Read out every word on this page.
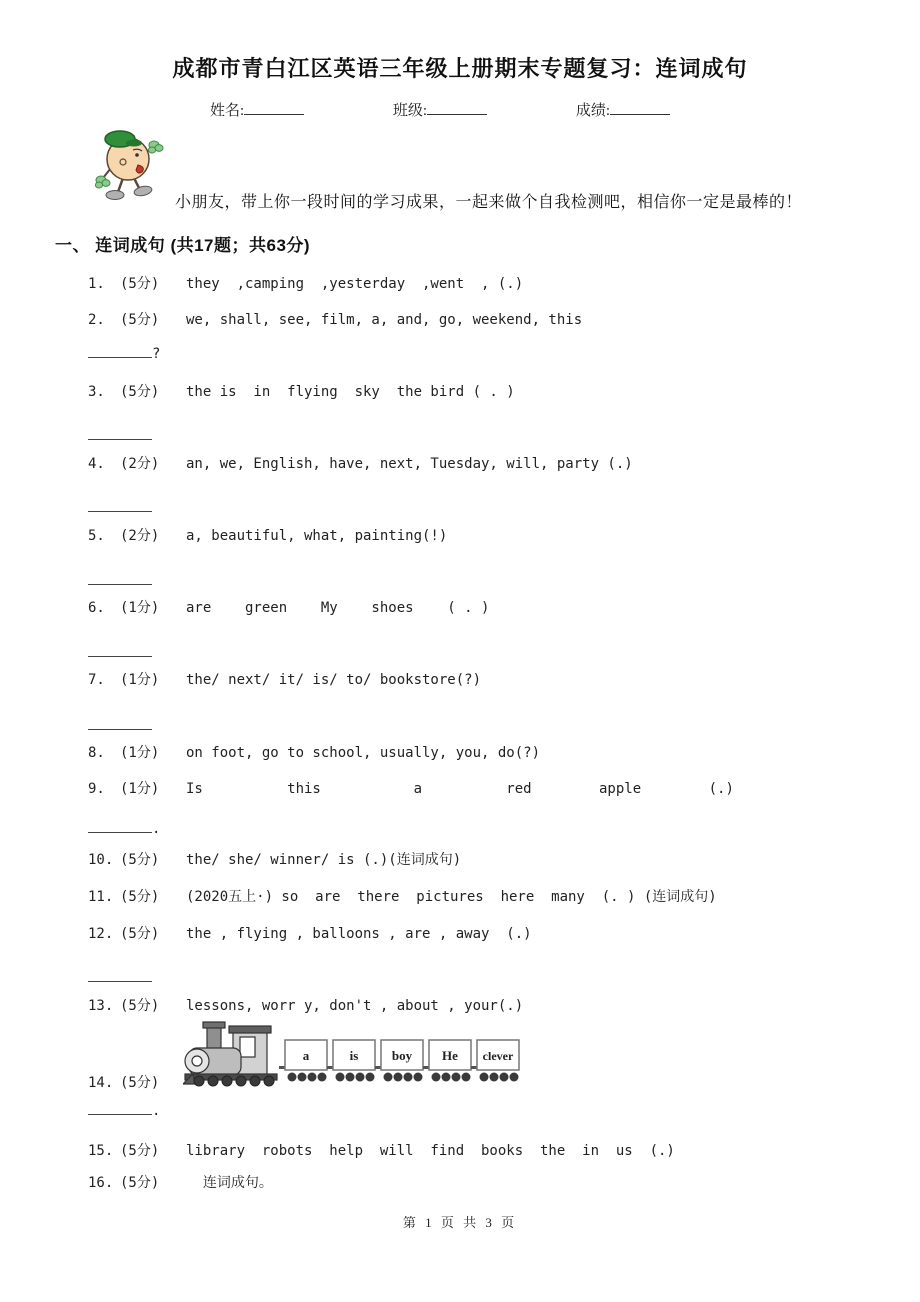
成都市青白江区英语三年级上册期末专题复习：连词成句
姓名:	班级:	成绩:
小朋友，带上你一段时间的学习成果，一起来做个自我检测吧，相信你一定是最棒的！
一、 连词成句 (共17题；共63分)
1.	(5分)	they  ,camping  ,yesterday  ,went  , (.)
2.	(5分)	we, shall, see, film, a, and, go, weekend, this
?
3.	(5分)	the is  in  flying  sky  the bird ( . )
4.	(2分)	an, we, English, have, next, Tuesday, will, party (.)
5.	(2分)	a, beautiful, what, painting(!)
6.	(1分)	are    green    My    shoes    ( . )
7.	(1分)	the/ next/ it/ is/ to/ bookstore(?)
8.	(1分)	on foot, go to school, usually, you, do(?)
9.	(1分)	Is          this           a          red        apple        (.)
.
10. (5分)	the/ she/ winner/ is (.)(连词成句)
11. (5分)	(2020五上·) so  are  there  pictures  here  many  (. ) (连词成句)
12. (5分)	the , flying , balloons , are , away  (.)
13. (5分)	lessons, worr y, don't , about , your(.)
a	is	boy He clever
14. (5分)
.
15. (5分)	library  robots  help  will  find  books  the  in  us  (.)
16. (5分)	连词成句。
第 1 页 共 3 页
